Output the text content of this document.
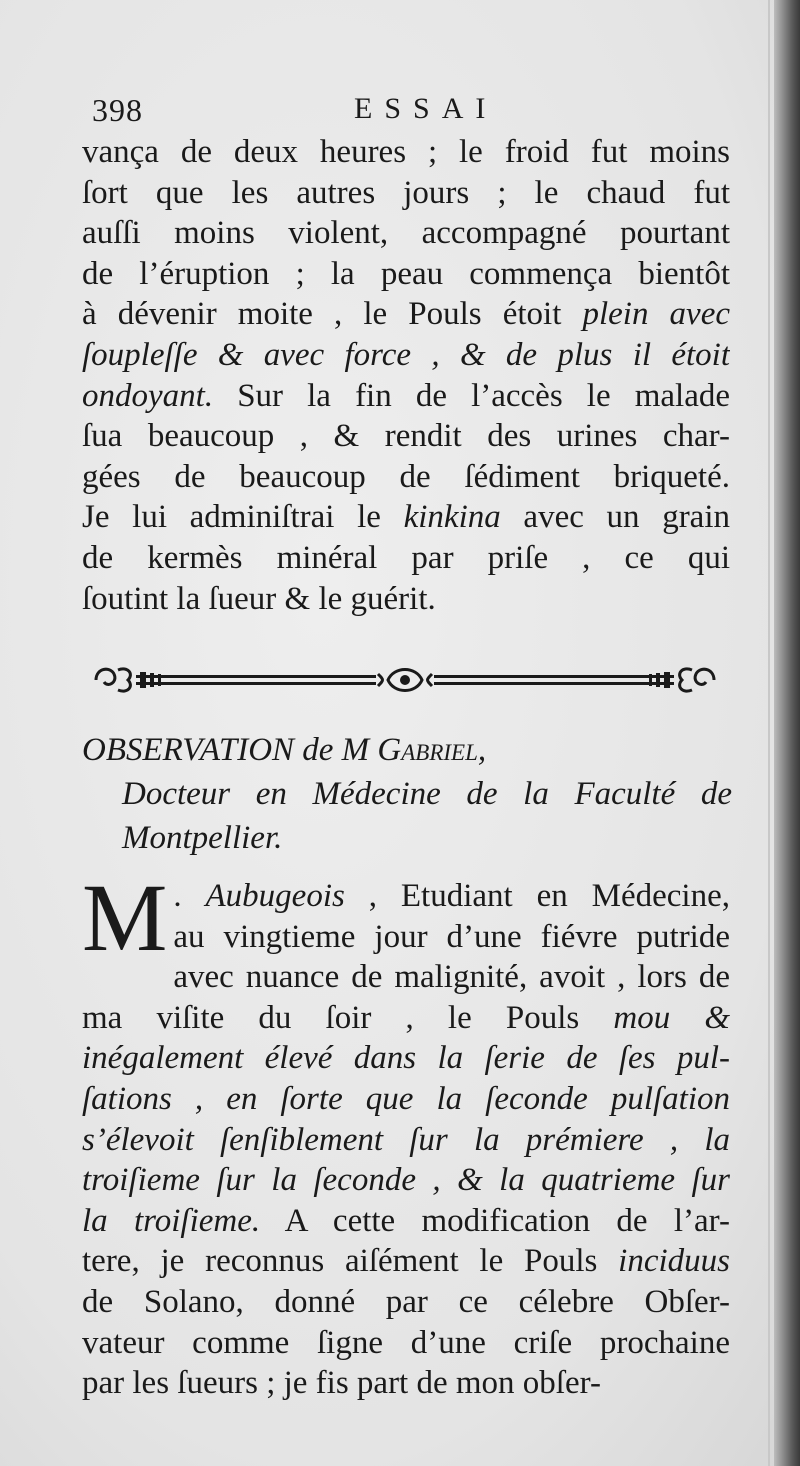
398	ESSAI
vança de deux heures ; le froid fut moins
ſort que les autres jours ; le chaud fut
auſſi moins violent, accompagné pourtant
de l’éruption ; la peau commença bientôt
à dévenir moite , le Pouls étoit plein avec
ſoupleſſe & avec force , & de plus il étoit
ondoyant. Sur la fin de l’accès le malade
ſua beaucoup , & rendit des urines char-
gées de beaucoup de ſédiment briqueté.
Je lui adminiſtrai le kinkina avec un grain
de kermès minéral par priſe , ce qui
ſoutint la ſueur & le guérit.
OBSERVATION de M Gabriel,
Docteur en Médecine de la Faculté de
Montpellier.
M . Aubugeois , Etudiant en Médecine,
au vingtieme jour d’une fiévre putride
avec nuance de malignité, avoit , lors de
ma viſite du ſoir , le Pouls mou &
inégalement élevé dans la ſerie de ſes pul-
ſations , en ſorte que la ſeconde pulſation
s’élevoit ſenſiblement ſur la prémiere , la
troiſieme ſur la ſeconde , & la quatrieme ſur
la troiſieme. A cette modification de l’ar-
tere, je reconnus aiſément le Pouls inciduus
de Solano, donné par ce célebre Obſer-
vateur comme ſigne d’une criſe prochaine
par les ſueurs ; je fis part de mon obſer-
